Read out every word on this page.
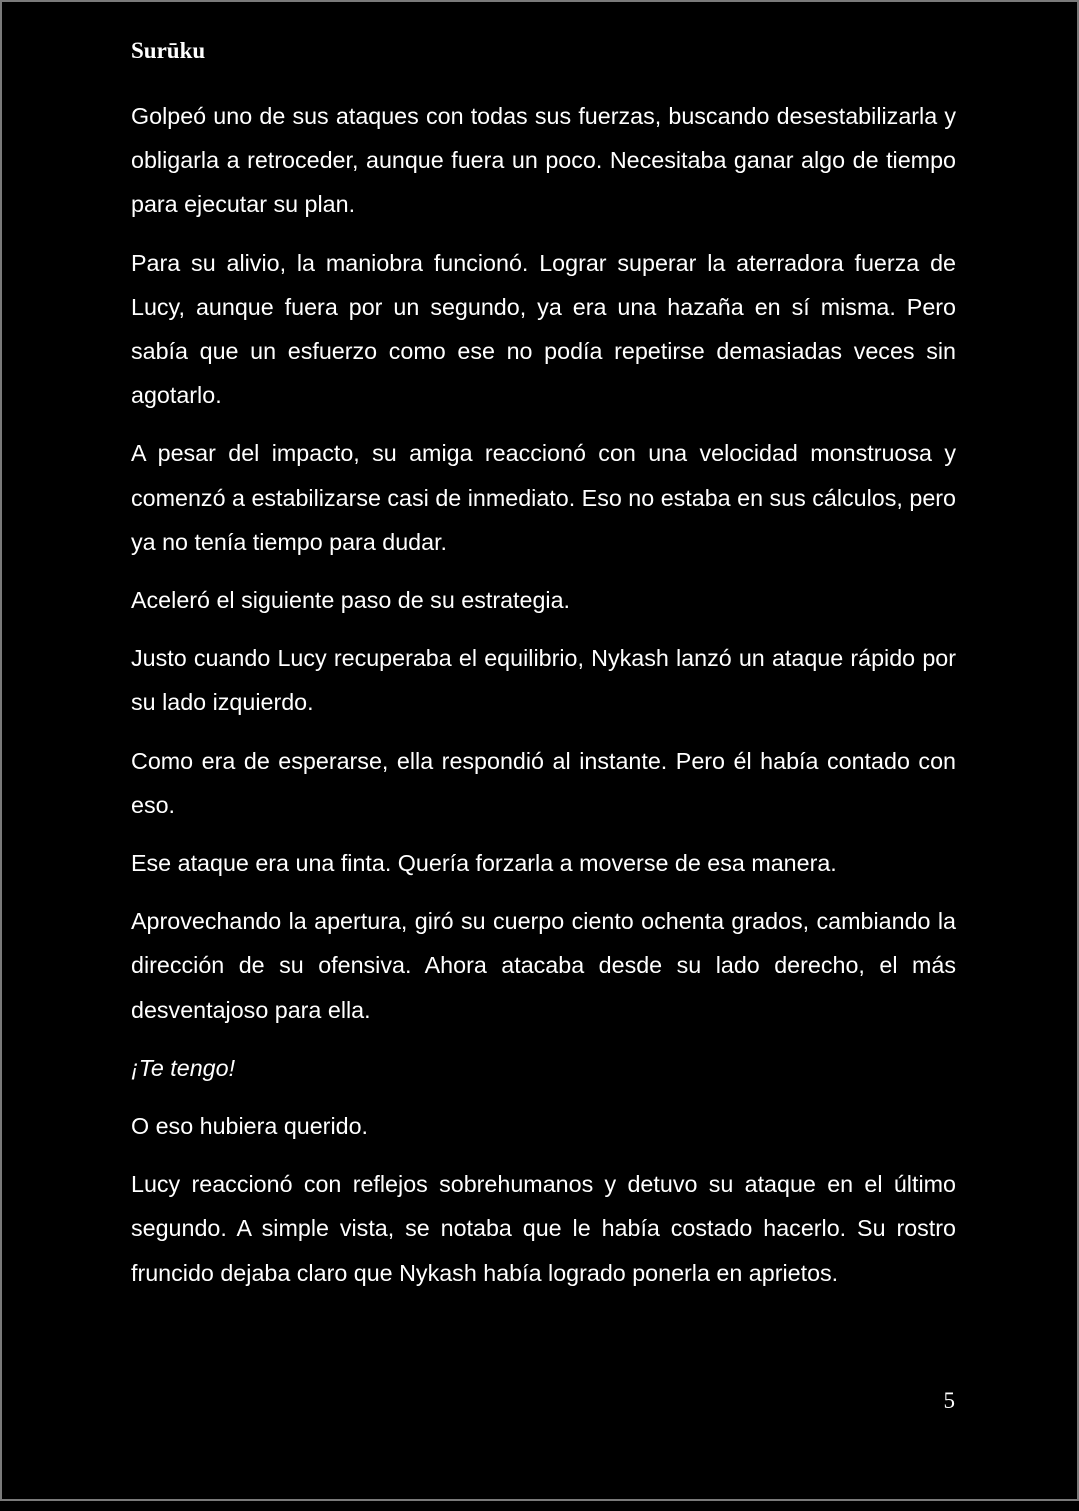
Surūku

Golpeó uno de sus ataques con todas sus fuerzas, buscando desestabilizarla y obligarla a retroceder, aunque fuera un poco. Necesitaba ganar algo de tiempo para ejecutar su plan.

Para su alivio, la maniobra funcionó. Lograr superar la aterradora fuerza de Lucy, aunque fuera por un segundo, ya era una hazaña en sí misma. Pero sabía que un esfuerzo como ese no podía repetirse demasiadas veces sin agotarlo.

A pesar del impacto, su amiga reaccionó con una velocidad monstruosa y comenzó a estabilizarse casi de inmediato. Eso no estaba en sus cálculos, pero ya no tenía tiempo para dudar.

Aceleró el siguiente paso de su estrategia.

Justo cuando Lucy recuperaba el equilibrio, Nykash lanzó un ataque rápido por su lado izquierdo.

Como era de esperarse, ella respondió al instante. Pero él había contado con eso.

Ese ataque era una finta. Quería forzarla a moverse de esa manera.

Aprovechando la apertura, giró su cuerpo ciento ochenta grados, cambiando la dirección de su ofensiva. Ahora atacaba desde su lado derecho, el más desventajoso para ella.

¡Te tengo!

O eso hubiera querido.

Lucy reaccionó con reflejos sobrehumanos y detuvo su ataque en el último segundo. A simple vista, se notaba que le había costado hacerlo. Su rostro fruncido dejaba claro que Nykash había logrado ponerla en aprietos.

5
